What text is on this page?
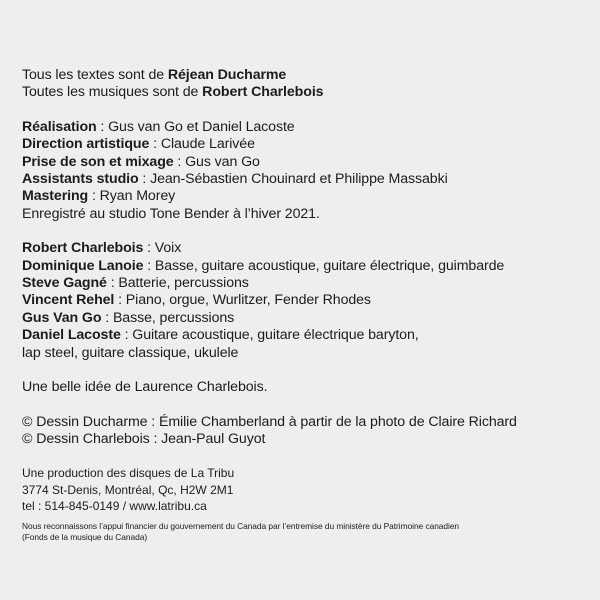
Tous les textes sont de Réjean Ducharme
Toutes les musiques sont de Robert Charlebois
Réalisation : Gus van Go et Daniel Lacoste
Direction artistique : Claude Larivée
Prise de son et mixage : Gus van Go
Assistants studio : Jean-Sébastien Chouinard et Philippe Massabki
Mastering : Ryan Morey
Enregistré au studio Tone Bender à l’hiver 2021.
Robert Charlebois : Voix
Dominique Lanoie : Basse, guitare acoustique, guitare électrique, guimbarde
Steve Gagné : Batterie, percussions
Vincent Rehel : Piano, orgue, Wurlitzer, Fender Rhodes
Gus Van Go : Basse, percussions
Daniel Lacoste : Guitare acoustique, guitare électrique baryton,
lap steel, guitare classique, ukulele
Une belle idée de Laurence Charlebois.
© Dessin Ducharme : Émilie Chamberland à partir de la photo de Claire Richard
© Dessin Charlebois : Jean-Paul Guyot
Une production des disques de La Tribu
3774 St-Denis, Montréal, Qc, H2W 2M1
tel : 514-845-0149 / www.latribu.ca
Nous reconnaissons l’appui financier du gouvernement du Canada par l’entremise du ministère du Patrimoine canadien
(Fonds de la musique du Canada)
